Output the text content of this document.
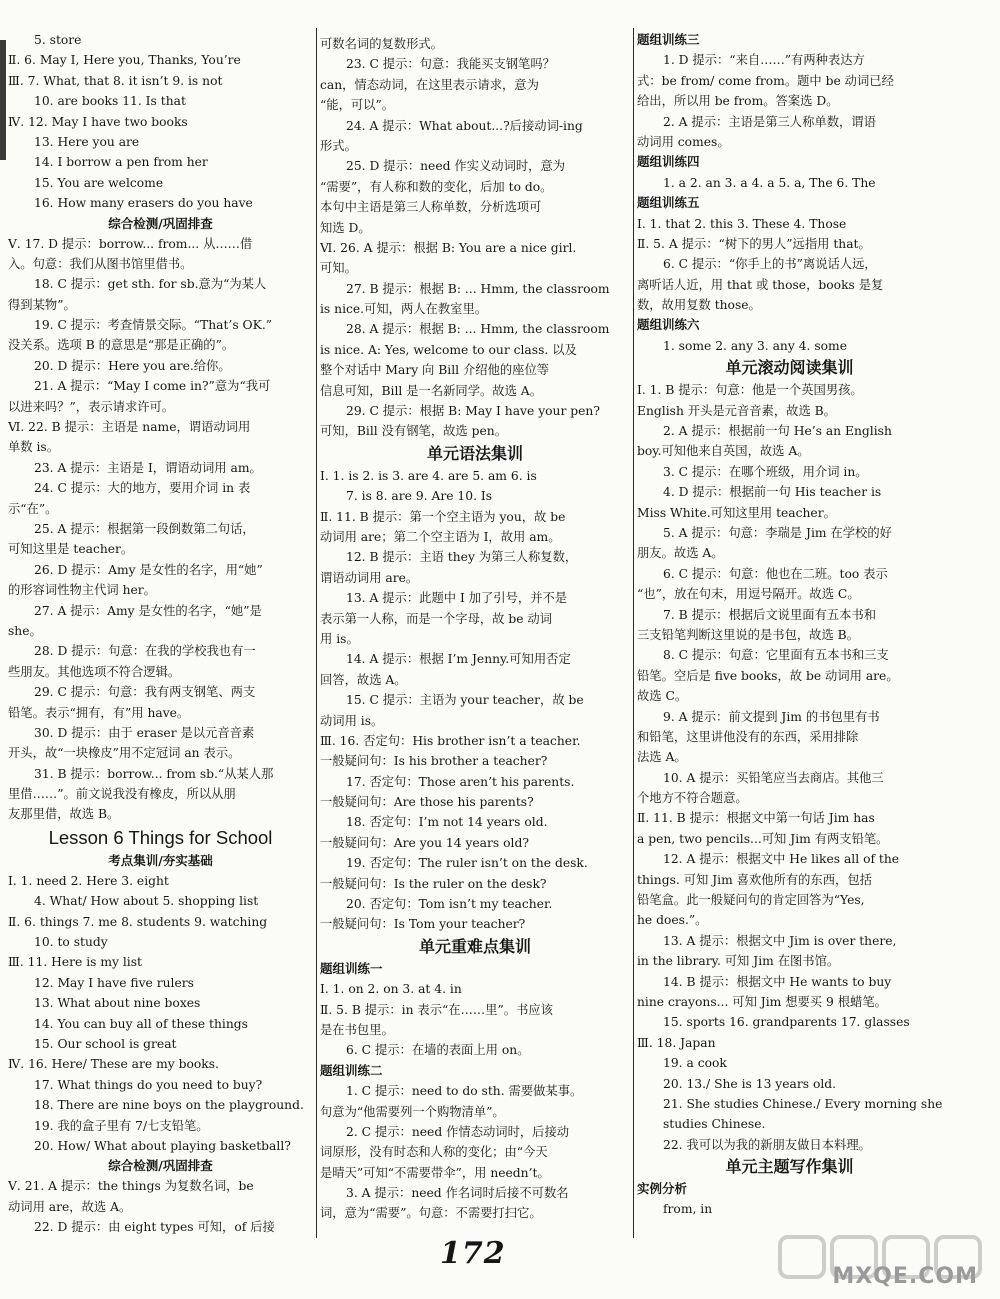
5. store
Ⅱ. 6. May I, Here you, Thanks, You’re
Ⅲ. 7. What, that 8. it isn’t 9. is not
10. are books 11. Is that
Ⅳ. 12. May I have two books
13. Here you are
14. I borrow a pen from her
15. You are welcome
16. How many erasers do you have
综合检测/巩固排查
Ⅴ. 17. D 提示：borrow... from... 从……借
入。句意：我们从图书馆里借书。
18. C 提示：get sth. for sb.意为“为某人
得到某物”。
19. C 提示：考查情景交际。“That’s OK.”
没关系。选项 B 的意思是“那是正确的”。
20. D 提示：Here you are.给你。
21. A 提示：“May I come in?”意为“我可
以进来吗？”，表示请求许可。
Ⅵ. 22. B 提示：主语是 name，谓语动词用
单数 is。
23. A 提示：主语是 I，谓语动词用 am。
24. C 提示：大的地方，要用介词 in 表
示“在”。
25. A 提示：根据第一段倒数第二句话，
可知这里是 teacher。
26. D 提示：Amy 是女性的名字，用“她”
的形容词性物主代词 her。
27. A 提示：Amy 是女性的名字，“她”是
she。
28. D 提示：句意：在我的学校我也有一
些朋友。其他选项不符合逻辑。
29. C 提示：句意：我有两支钢笔、两支
铅笔。表示“拥有，有”用 have。
30. D 提示：由于 eraser 是以元音音素
开头，故“一块橡皮”用不定冠词 an 表示。
31. B 提示：borrow... from sb.“从某人那
里借……”。前文说我没有橡皮，所以从朋
友那里借，故选 B。
Lesson 6 Things for School
考点集训/夯实基础
Ⅰ. 1. need 2. Here 3. eight
4. What/ How about 5. shopping list
Ⅱ. 6. things 7. me 8. students 9. watching
10. to study
Ⅲ. 11. Here is my list
12. May I have five rulers
13. What about nine boxes
14. You can buy all of these things
15. Our school is great
Ⅳ. 16. Here/ These are my books.
17. What things do you need to buy?
18. There are nine boys on the playground.
19. 我的盒子里有 7/七支铅笔。
20. How/ What about playing basketball?
综合检测/巩固排查
Ⅴ. 21. A 提示：the things 为复数名词，be
动词用 are，故选 A。
22. D 提示：由 eight types 可知，of 后接
可数名词的复数形式。
23. C 提示：句意：我能买支钢笔吗？
can，情态动词，在这里表示请求，意为
“能，可以”。
24. A 提示：What about...?后接动词-ing
形式。
25. D 提示：need 作实义动词时，意为
“需要”，有人称和数的变化，后加 to do。
本句中主语是第三人称单数，分析选项可
知选 D。
Ⅵ. 26. A 提示：根据 B: You are a nice girl.
可知。
27. B 提示：根据 B: ... Hmm, the classroom
is nice.可知，两人在教室里。
28. A 提示：根据 B: ... Hmm, the classroom
is nice. A: Yes, welcome to our class. 以及
整个对话中 Mary 向 Bill 介绍他的座位等
信息可知，Bill 是一名新同学。故选 A。
29. C 提示：根据 B: May I have your pen?
可知，Bill 没有钢笔，故选 pen。
单元语法集训
Ⅰ. 1. is 2. is 3. are 4. are 5. am 6. is
7. is 8. are 9. Are 10. Is
Ⅱ. 11. B 提示：第一个空主语为 you，故 be
动词用 are；第二个空主语为 I，故用 am。
12. B 提示：主语 they 为第三人称复数，
谓语动词用 are。
13. A 提示：此题中 I 加了引号，并不是
表示第一人称，而是一个字母，故 be 动词
用 is。
14. A 提示：根据 I’m Jenny.可知用否定
回答，故选 A。
15. C 提示：主语为 your teacher，故 be
动词用 is。
Ⅲ. 16. 否定句：His brother isn’t a teacher.
一般疑问句：Is his brother a teacher?
17. 否定句：Those aren’t his parents.
一般疑问句：Are those his parents?
18. 否定句：I’m not 14 years old.
一般疑问句：Are you 14 years old?
19. 否定句：The ruler isn’t on the desk.
一般疑问句：Is the ruler on the desk?
20. 否定句：Tom isn’t my teacher.
一般疑问句：Is Tom your teacher?
单元重难点集训
题组训练一
Ⅰ. 1. on 2. on 3. at 4. in
Ⅱ. 5. B 提示：in 表示“在……里”。书应该
是在书包里。
6. C 提示：在墙的表面上用 on。
题组训练二
1. C 提示：need to do sth. 需要做某事。
句意为“他需要列一个购物清单”。
2. C 提示：need 作情态动词时，后接动
词原形，没有时态和人称的变化；由“今天
是晴天”可知“不需要带伞”，用 needn’t。
3. A 提示：need 作名词时后接不可数名
词，意为“需要”。句意：不需要打扫它。
题组训练三
1. D 提示：“来自……”有两种表达方
式：be from/ come from。题中 be 动词已经
给出，所以用 be from。答案选 D。
2. A 提示：主语是第三人称单数，谓语
动词用 comes。
题组训练四
1. a 2. an 3. a 4. a 5. a, The 6. The
题组训练五
Ⅰ. 1. that 2. this 3. These 4. Those
Ⅱ. 5. A 提示：“树下的男人”远指用 that。
6. C 提示：“你手上的书”离说话人远，
离听话人近，用 that 或 those，books 是复
数，故用复数 those。
题组训练六
1. some 2. any 3. any 4. some
单元滚动阅读集训
Ⅰ. 1. B 提示：句意：他是一个英国男孩。
English 开头是元音音素，故选 B。
2. A 提示：根据前一句 He’s an English
boy.可知他来自英国，故选 A。
3. C 提示：在哪个班级，用介词 in。
4. D 提示：根据前一句 His teacher is
Miss White.可知这里用 teacher。
5. A 提示：句意：李瑞是 Jim 在学校的好
朋友。故选 A。
6. C 提示：句意：他也在二班。too 表示
“也”，放在句末，用逗号隔开。故选 C。
7. B 提示：根据后文说里面有五本书和
三支铅笔判断这里说的是书包，故选 B。
8. C 提示：句意：它里面有五本书和三支
铅笔。空后是 five books，故 be 动词用 are。
故选 C。
9. A 提示：前文提到 Jim 的书包里有书
和铅笔，这里讲他没有的东西，采用排除
法选 A。
10. A 提示：买铅笔应当去商店。其他三
个地方不符合题意。
Ⅱ. 11. B 提示：根据文中第一句话 Jim has
a pen, two pencils...可知 Jim 有两支铅笔。
12. A 提示：根据文中 He likes all of the
things. 可知 Jim 喜欢他所有的东西，包括
铅笔盒。此一般疑问句的肯定回答为“Yes,
he does.”。
13. A 提示：根据文中 Jim is over there,
in the library. 可知 Jim 在图书馆。
14. B 提示：根据文中 He wants to buy
nine crayons... 可知 Jim 想要买 9 根蜡笔。
15. sports 16. grandparents 17. glasses
Ⅲ. 18. Japan
19. a cook
20. 13./ She is 13 years old.
21. She studies Chinese./ Every morning she
studies Chinese.
22. 我可以为我的新朋友做日本料理。
单元主题写作集训
实例分析
from, in
172
MXQE.COM
